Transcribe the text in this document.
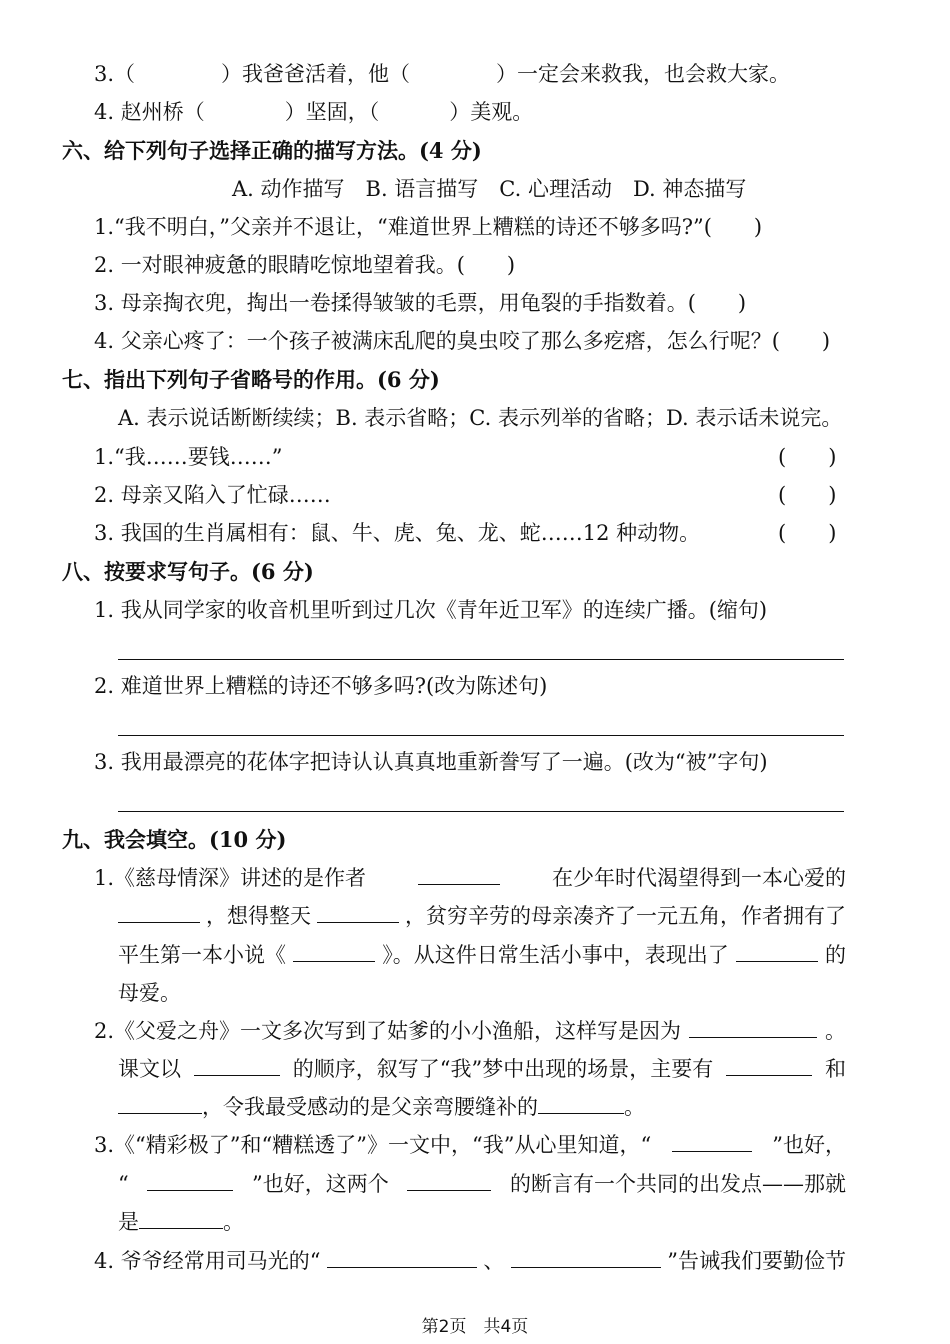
3.（	）我爸爸活着，他（	）一定会来救我，也会救大家。
4. 赵州桥（	）坚固，（	）美观。
六、给下列句子选择正确的描写方法。(4 分)
A. 动作描写　B. 语言描写　C. 心理活动　D. 神态描写
1.“我不明白，”父亲并不退让，“难道世界上糟糕的诗还不够多吗?”(　　)
2. 一对眼神疲惫的眼睛吃惊地望着我。(　　)
3. 母亲掏衣兜，掏出一卷揉得皱皱的毛票，用龟裂的手指数着。(　　)
4. 父亲心疼了：一个孩子被满床乱爬的臭虫咬了那么多疙瘩，怎么行呢？(　　)
七、指出下列句子省略号的作用。(6 分)
A. 表示说话断断续续；B. 表示省略；C. 表示列举的省略；D. 表示话未说完。
1.“我……要钱……”	(　　)
2. 母亲又陷入了忙碌……	(　　)
3. 我国的生肖属相有：鼠、牛、虎、兔、龙、蛇……12 种动物。	(　　)
八、按要求写句子。(6 分)
1. 我从同学家的收音机里听到过几次《青年近卫军》的连续广播。(缩句)
2. 难道世界上糟糕的诗还不够多吗?(改为陈述句)
3. 我用最漂亮的花体字把诗认认真真地重新誊写了一遍。(改为“被”字句)
九、我会填空。(10 分)
1.《慈母情深》讲述的是作者	在少年时代渴望得到一本心爱的
，想得整天	，贫穷辛劳的母亲凑齐了一元五角，作者拥有了
平生第一本小说《	》。从这件日常生活小事中，表现出了	的
母爱。
2.《父爱之舟》一文多次写到了姑爹的小小渔船，这样写是因为	。
课文以	的顺序，叙写了“我”梦中出现的场景，主要有	和
，令我最受感动的是父亲弯腰缝补的	。
3.《“精彩极了”和“糟糕透了”》一文中，“我”从心里知道，“	”也好，
“	”也好，这两个	的断言有一个共同的出发点——那就
是	。
4. 爷爷经常用司马光的“	、	”告诫我们要勤俭节
第2页　共4页
